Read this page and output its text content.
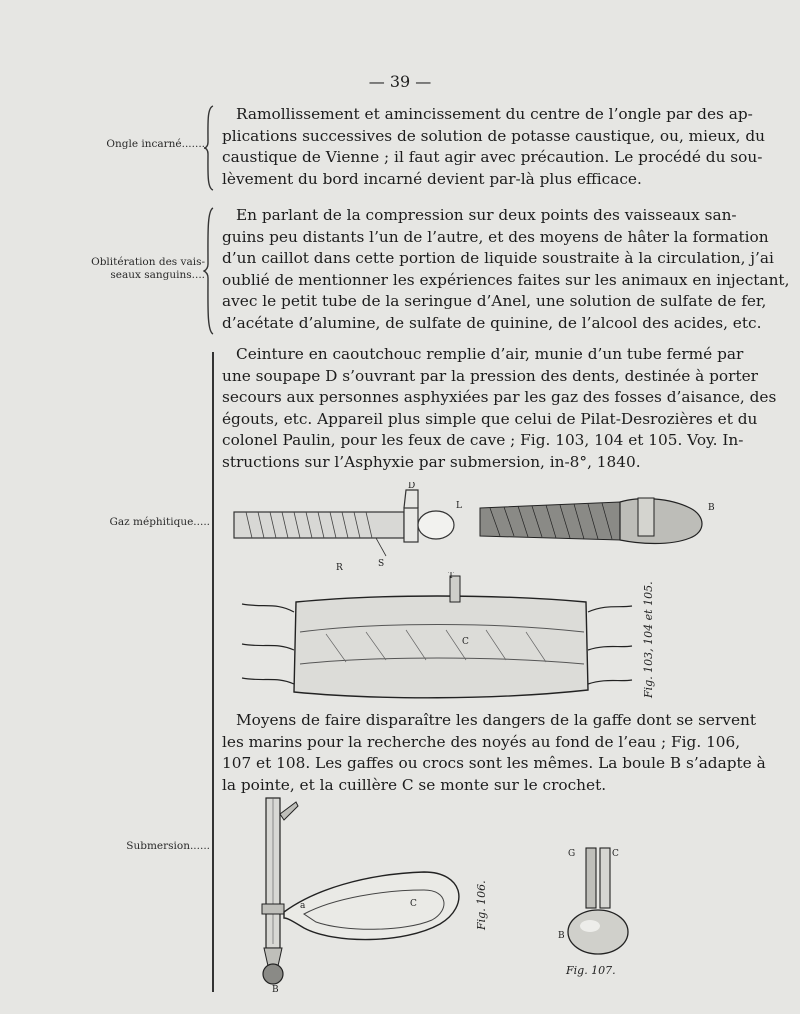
— 39 —
Ongle incarné.......
Oblitération des vais-
seaux sanguins....
Gaz méphitique.....
Submersion......
Ramollissement et amincissement du centre de l’ongle par des ap-
plications successives de solution de potasse caustique, ou, mieux, du
caustique de Vienne ; il faut agir avec précaution. Le procédé du sou-
lèvement du bord incarné devient par-là plus efficace.
En parlant de la compression sur deux points des vaisseaux san-
guins peu distants l’un de l’autre, et des moyens de hâter la formation
d’un caillot dans cette portion de liquide soustraite à la circulation, j’ai
oublié de mentionner les expériences faites sur les animaux en injectant,
avec le petit tube de la seringue d’Anel, une solution de sulfate de fer,
d’acétate d’alumine, de sulfate de quinine, de l’alcool des acides, etc.
Ceinture en caoutchouc remplie d’air, munie d’un tube fermé par
une soupape D s’ouvrant par la pression des dents, destinée à porter
secours aux personnes asphyxiées par les gaz des fosses d’aisance, des
égouts, etc. Appareil plus simple que celui de Pilat-Desrozières et du
colonel Paulin, pour les feux de cave ; Fig. 103, 104 et 105. Voy. In-
structions sur l’Asphyxie par submersion, in-8°, 1840.
D
L
S
R
B
T
C	Fig. 103, 104 et 105.
Moyens de faire disparaître les dangers de la gaffe dont se servent
les marins pour la recherche des noyés au fond de l’eau ; Fig. 106,
107 et 108. Les gaffes ou crocs sont les mêmes. La boule B s’adapte à
la pointe, et la cuillère C se monte sur le crochet.
a	C
B
Fig. 106.
G	C
B
Fig. 107.
